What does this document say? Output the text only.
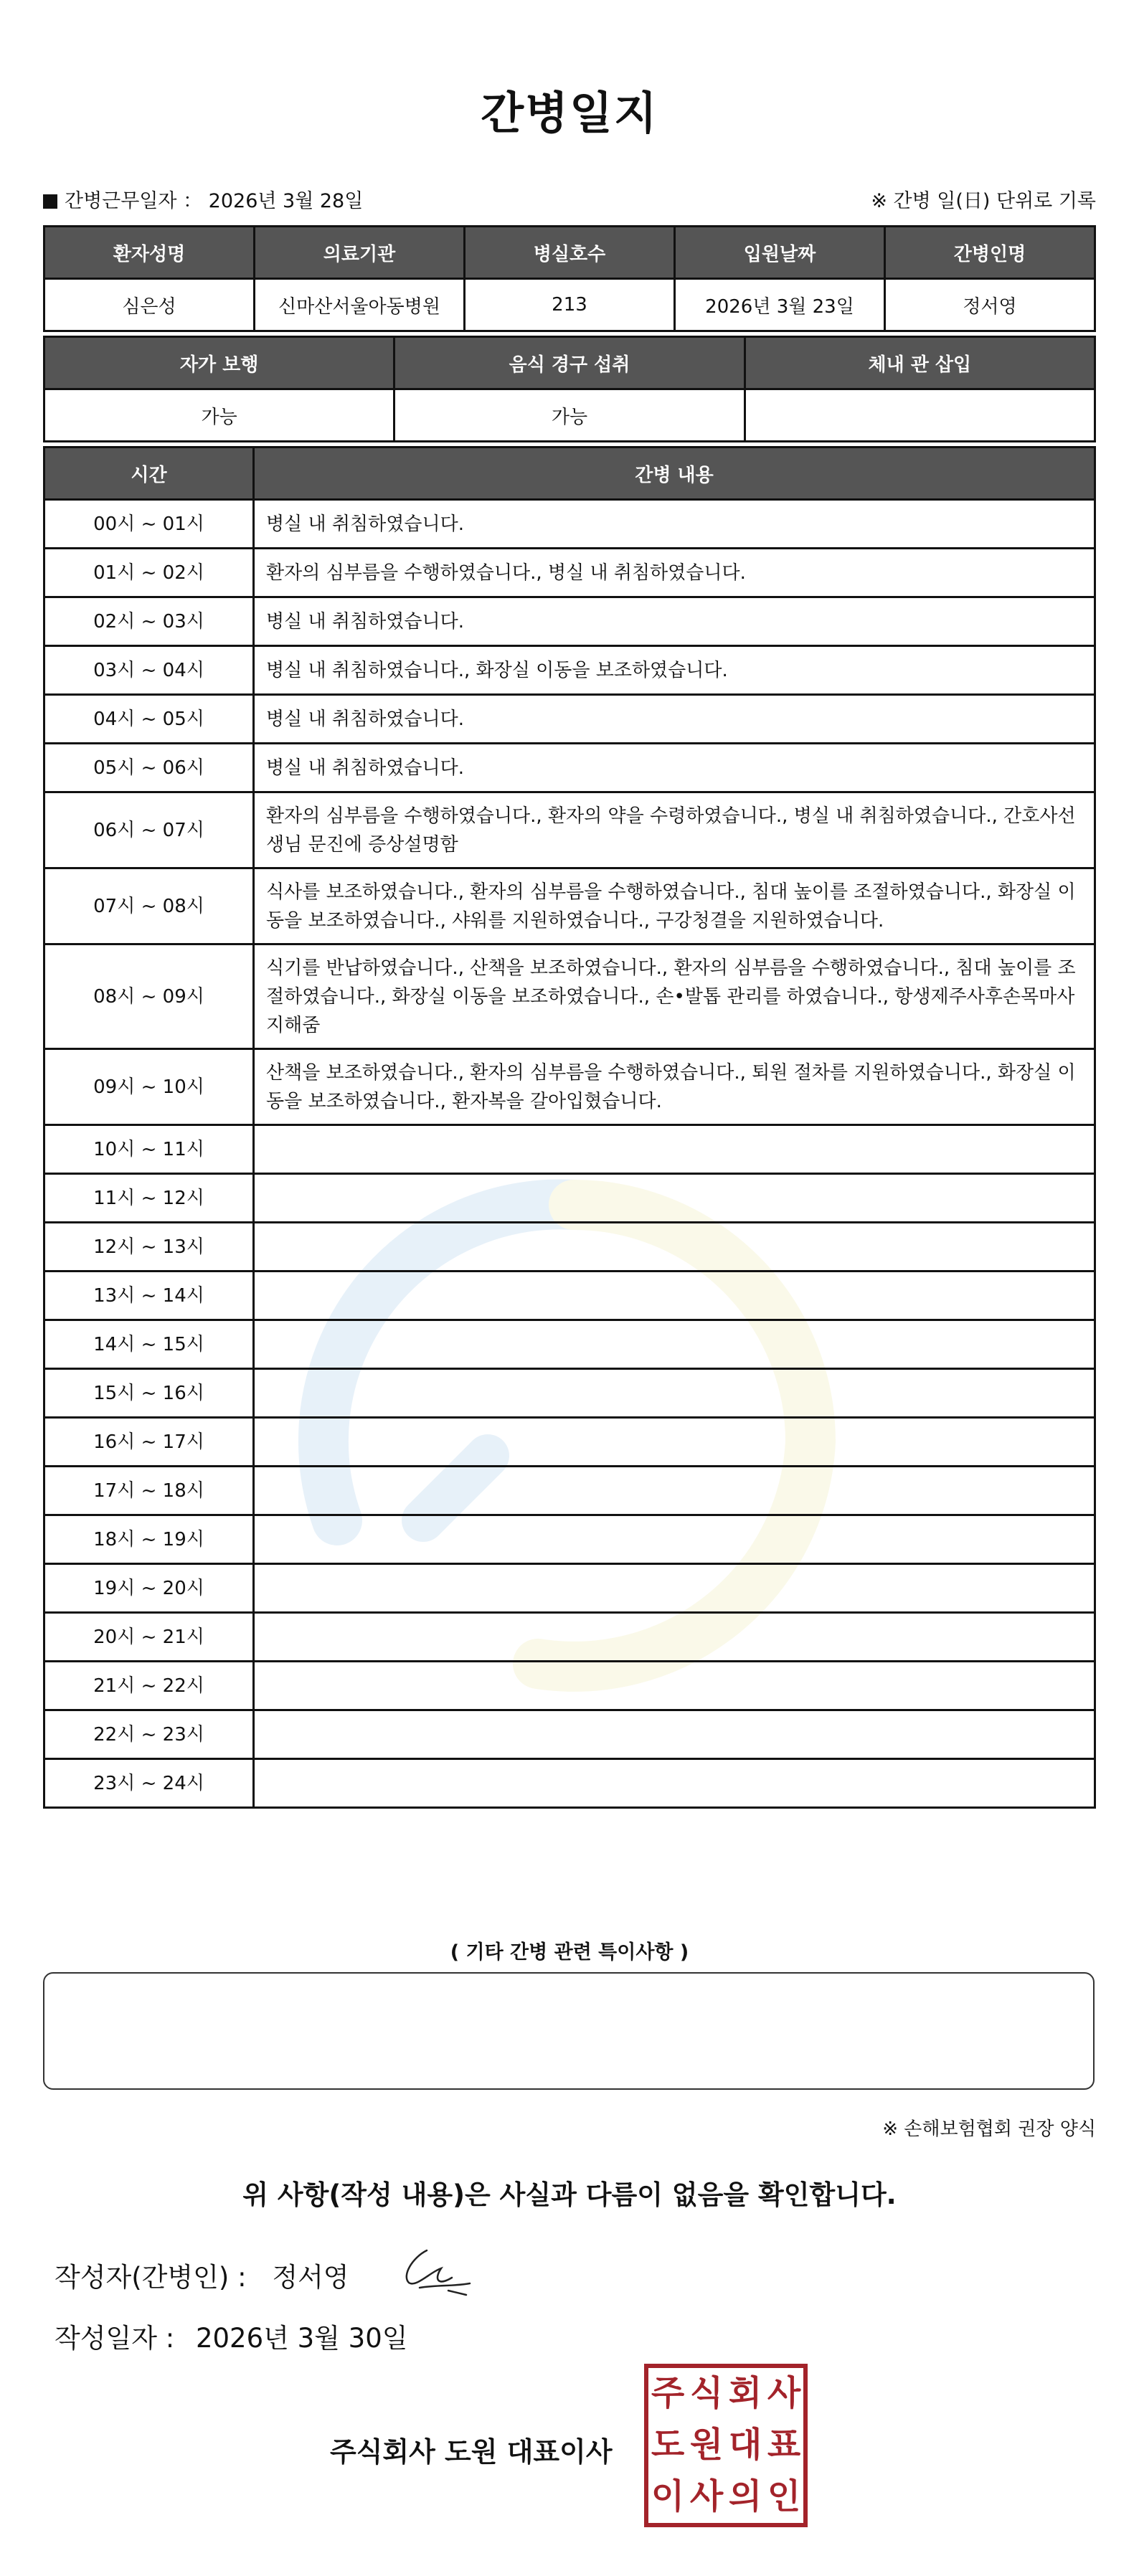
간병일지
간병근무일자 ： 2026년 3월 28일	※ 간병 일(日) 단위로 기록
환자성명	의료기관	병실호수	입원날짜	간병인명
심은성	신마산서울아동병원	213	2026년 3월 23일	정서영
자가 보행	음식 경구 섭취	체내 관 삽입
가능	가능	
시간	간병 내용
00시 ~ 01시	병실 내 취침하였습니다.
01시 ~ 02시	환자의 심부름을 수행하였습니다., 병실 내 취침하였습니다.
02시 ~ 03시	병실 내 취침하였습니다.
03시 ~ 04시	병실 내 취침하였습니다., 화장실 이동을 보조하였습니다.
04시 ~ 05시	병실 내 취침하였습니다.
05시 ~ 06시	병실 내 취침하였습니다.
06시 ~ 07시	환자의 심부름을 수행하였습니다., 환자의 약을 수령하였습니다., 병실 내 취침하였습니다., 간호사선생님 문진에 증상설명함
07시 ~ 08시	식사를 보조하였습니다., 환자의 심부름을 수행하였습니다., 침대 높이를 조절하였습니다., 화장실 이동을 보조하였습니다., 샤워를 지원하였습니다., 구강청결을 지원하였습니다.
08시 ~ 09시	식기를 반납하였습니다., 산책을 보조하였습니다., 환자의 심부름을 수행하였습니다., 침대 높이를 조절하였습니다., 화장실 이동을 보조하였습니다., 손•발톱 관리를 하였습니다., 항생제주사후손목마사지해줌
09시 ~ 10시	산책을 보조하였습니다., 환자의 심부름을 수행하였습니다., 퇴원 절차를 지원하였습니다., 화장실 이동을 보조하였습니다., 환자복을 갈아입혔습니다.
10시 ~ 11시	
11시 ~ 12시	
12시 ~ 13시	
13시 ~ 14시	
14시 ~ 15시	
15시 ~ 16시	
16시 ~ 17시	
17시 ~ 18시	
18시 ~ 19시	
19시 ~ 20시	
20시 ~ 21시	
21시 ~ 22시	
22시 ~ 23시	
23시 ~ 24시	
( 기타 간병 관련 특이사항 )
※ 손해보험협회 권장 양식
위 사항(작성 내용)은 사실과 다름이 없음을 확인합니다.
작성자(간병인) : 정서영
작성일자 : 2026년 3월 30일
주식회사 도원 대표이사
주 식 회 사
도 원 대 표
이 사 의 인
